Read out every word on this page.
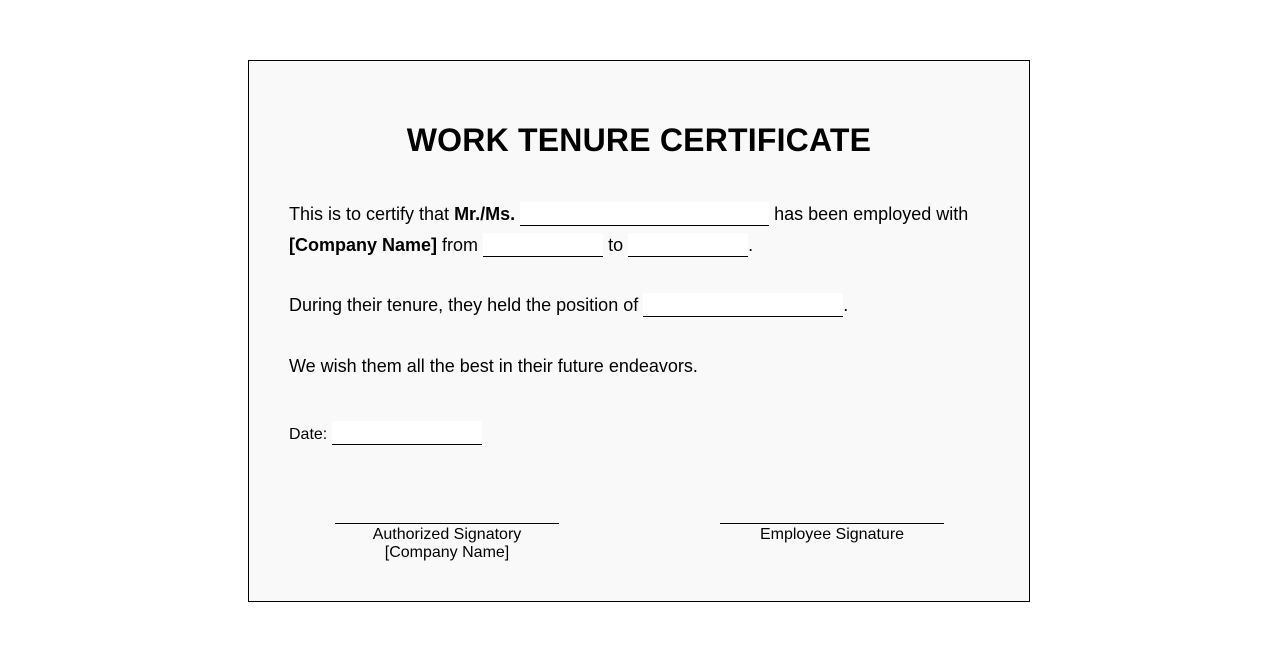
WORK TENURE CERTIFICATE

This is to certify that Mr./Ms.	has been employed with
[Company Name] from	to	.

During their tenure, they held the position of	.

We wish them all the best in their future endeavors.

Date:
Authorized Signatory
[Company Name]
Employee Signature
